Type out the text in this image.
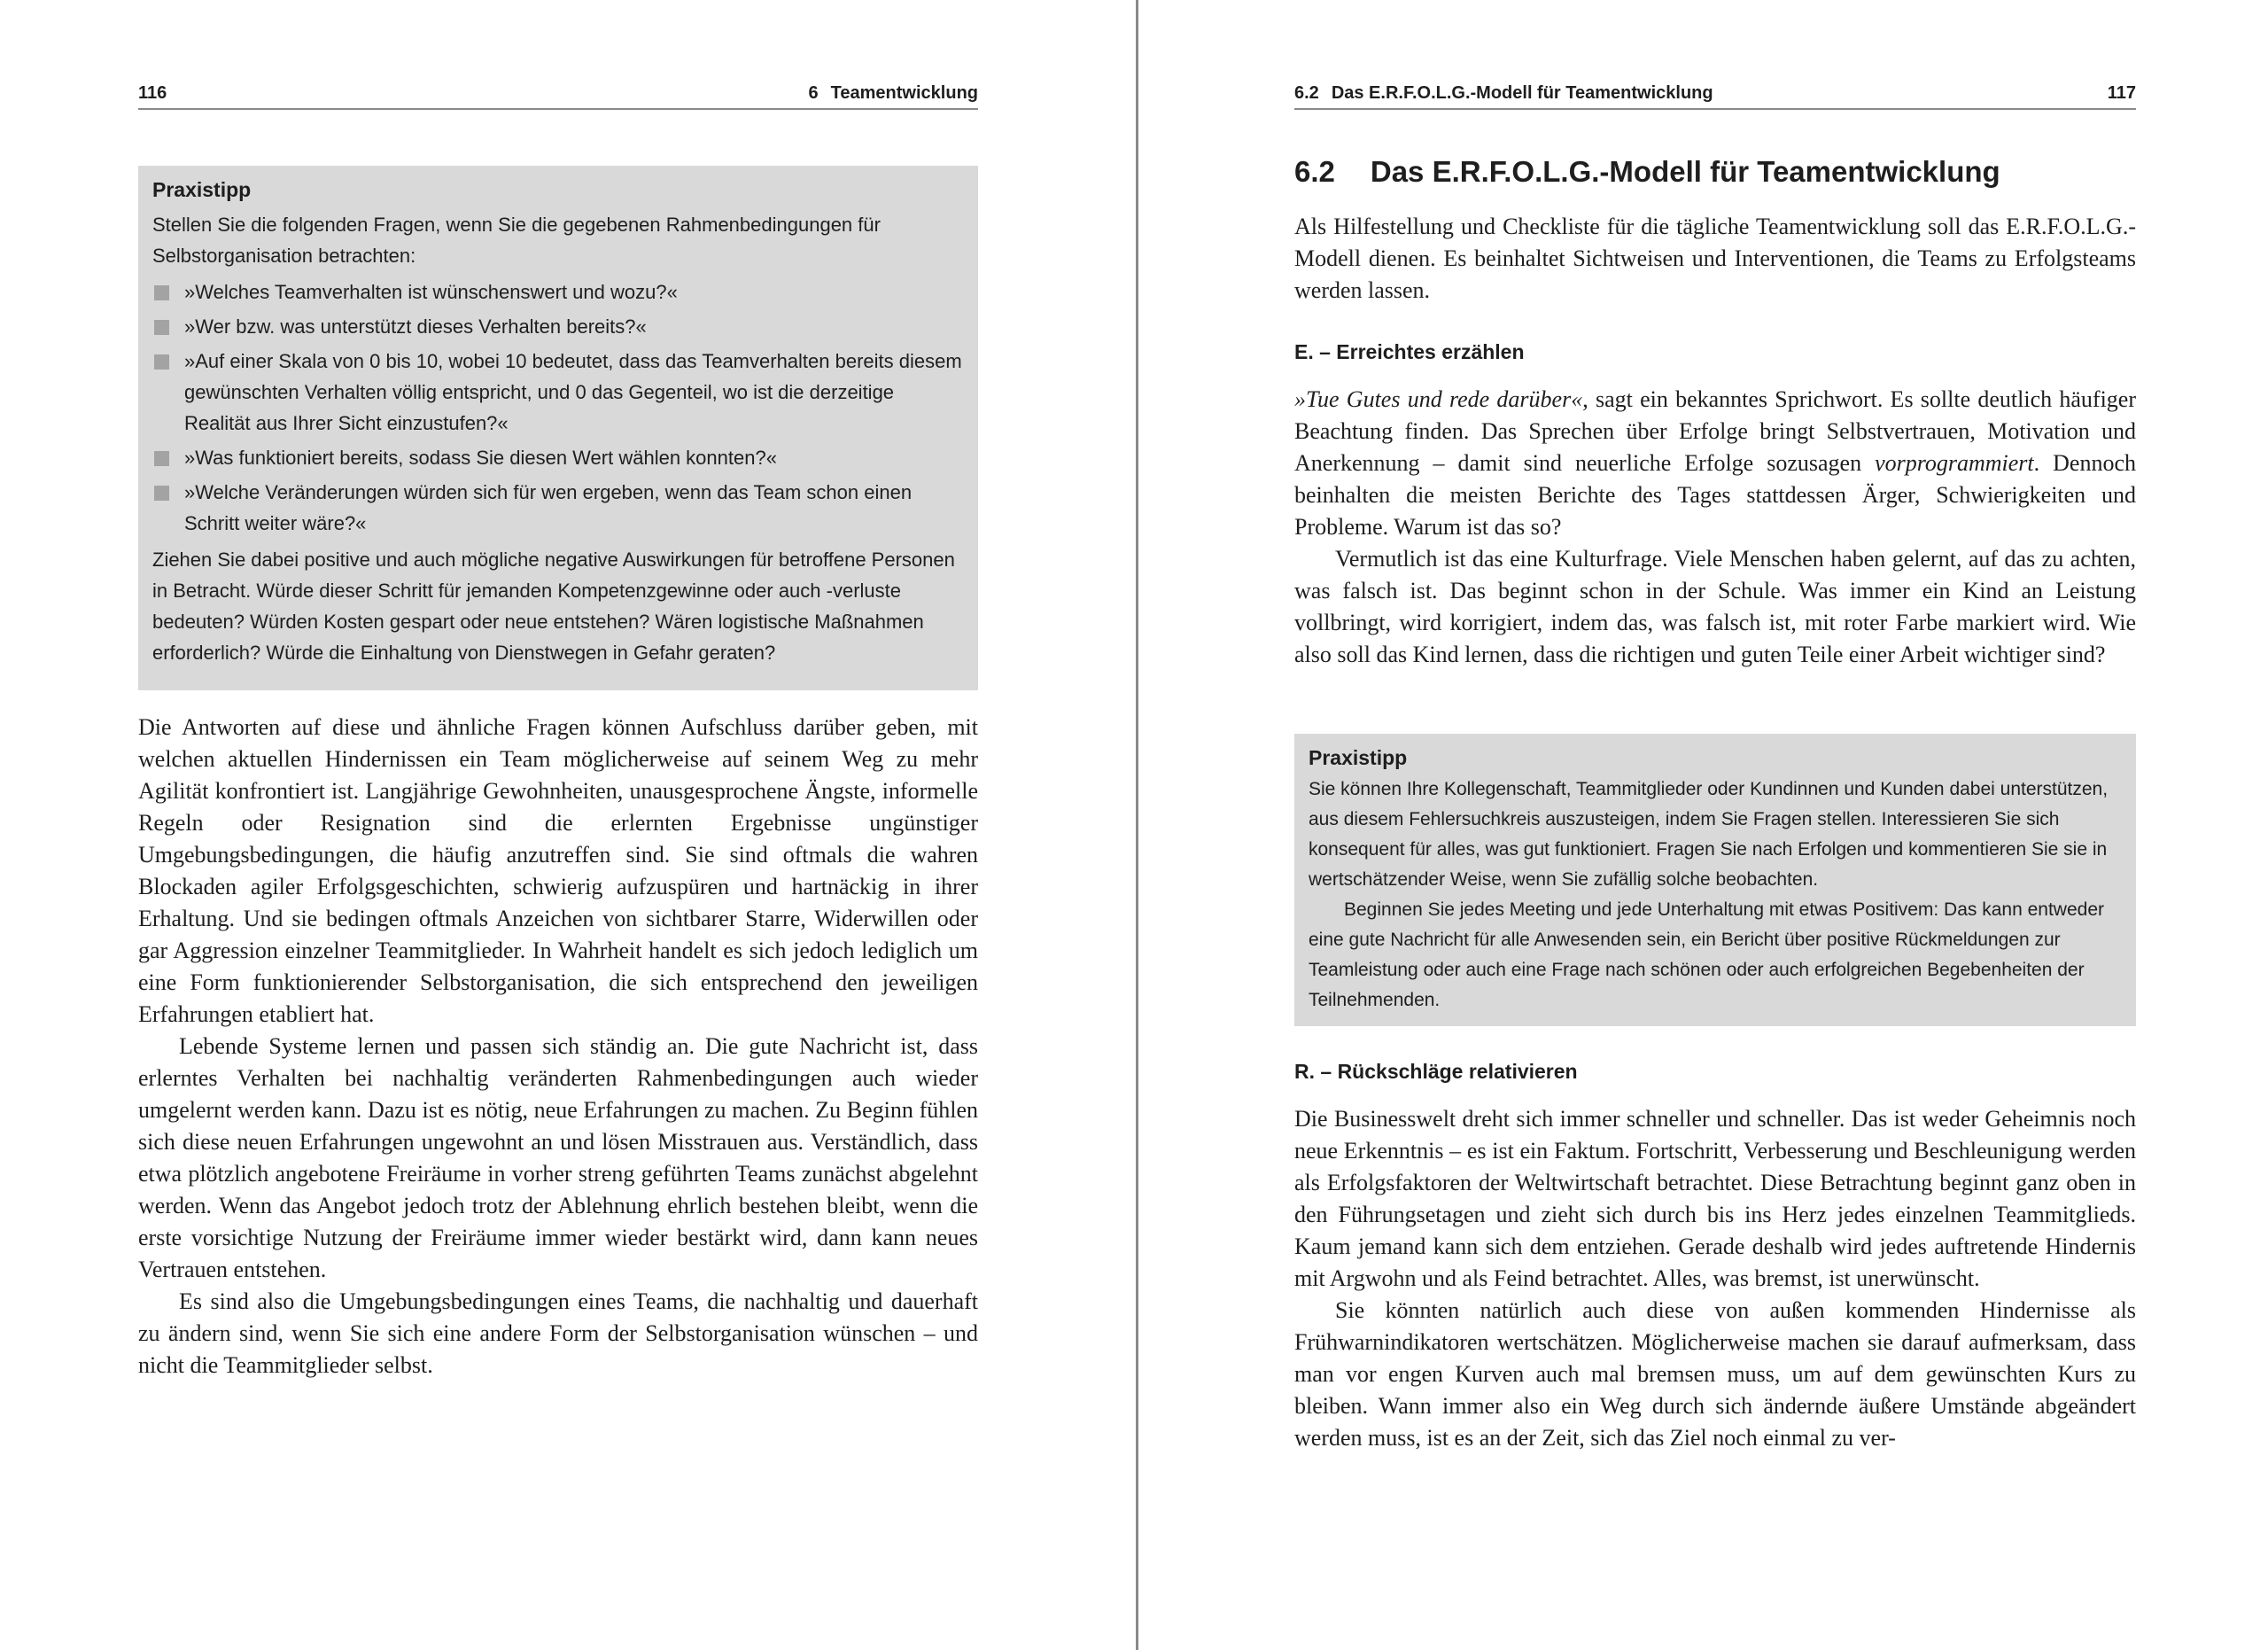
116	6 Teamentwicklung

Praxistipp

Stellen Sie die folgenden Fragen, wenn Sie die gegebenen Rahmenbedingungen für Selbstorganisation betrachten:

»Welches Teamverhalten ist wünschenswert und wozu?«
»Wer bzw. was unterstützt dieses Verhalten bereits?«
»Auf einer Skala von 0 bis 10, wobei 10 bedeutet, dass das Teamverhalten bereits diesem gewünschten Verhalten völlig entspricht, und 0 das Gegenteil, wo ist die derzeitige Realität aus Ihrer Sicht einzustufen?«
»Was funktioniert bereits, sodass Sie diesen Wert wählen konnten?«
»Welche Veränderungen würden sich für wen ergeben, wenn das Team schon einen Schritt weiter wäre?«

Ziehen Sie dabei positive und auch mögliche negative Auswirkungen für betroffene Personen in Betracht. Würde dieser Schritt für jemanden Kompetenzgewinne oder auch -verluste bedeuten? Würden Kosten gespart oder neue entstehen? Wären logistische Maßnahmen erforderlich? Würde die Einhaltung von Dienstwegen in Gefahr geraten?

Die Antworten auf diese und ähnliche Fragen können Aufschluss darüber geben, mit welchen aktuellen Hindernissen ein Team möglicherweise auf seinem Weg zu mehr Agilität konfrontiert ist. Langjährige Gewohnheiten, unausgesprochene Ängste, informelle Regeln oder Resignation sind die erlernten Ergebnisse ungünstiger Umgebungsbedingungen, die häufig anzutreffen sind. Sie sind oftmals die wahren Blockaden agiler Erfolgsgeschichten, schwierig aufzuspüren und hartnäckig in ihrer Erhaltung. Und sie bedingen oftmals Anzeichen von sichtbarer Starre, Widerwillen oder gar Aggression einzelner Teammitglieder. In Wahrheit handelt es sich jedoch lediglich um eine Form funktionierender Selbstorganisation, die sich entsprechend den jeweiligen Erfahrungen etabliert hat.

Lebende Systeme lernen und passen sich ständig an. Die gute Nachricht ist, dass erlerntes Verhalten bei nachhaltig veränderten Rahmenbedingungen auch wieder umgelernt werden kann. Dazu ist es nötig, neue Erfahrungen zu machen. Zu Beginn fühlen sich diese neuen Erfahrungen ungewohnt an und lösen Misstrauen aus. Verständlich, dass etwa plötzlich angebotene Freiräume in vorher streng geführten Teams zunächst abgelehnt werden. Wenn das Angebot jedoch trotz der Ablehnung ehrlich bestehen bleibt, wenn die erste vorsichtige Nutzung der Freiräume immer wieder bestärkt wird, dann kann neues Vertrauen entstehen.

Es sind also die Umgebungsbedingungen eines Teams, die nachhaltig und dauerhaft zu ändern sind, wenn Sie sich eine andere Form der Selbstorganisation wünschen – und nicht die Teammitglieder selbst.

6.2 Das E.R.F.O.L.G.-Modell für Teamentwicklung	117
6.2 Das E.R.F.O.L.G.-Modell für Teamentwicklung

Als Hilfestellung und Checkliste für die tägliche Teamentwicklung soll das E.R.F.O.L.G.-Modell dienen. Es beinhaltet Sichtweisen und Interventionen, die Teams zu Erfolgsteams werden lassen.

E. – Erreichtes erzählen

»Tue Gutes und rede darüber«, sagt ein bekanntes Sprichwort. Es sollte deutlich häufiger Beachtung finden. Das Sprechen über Erfolge bringt Selbstvertrauen, Motivation und Anerkennung – damit sind neuerliche Erfolge sozusagen vorprogrammiert. Dennoch beinhalten die meisten Berichte des Tages stattdessen Ärger, Schwierigkeiten und Probleme. Warum ist das so?

Vermutlich ist das eine Kulturfrage. Viele Menschen haben gelernt, auf das zu achten, was falsch ist. Das beginnt schon in der Schule. Was immer ein Kind an Leistung vollbringt, wird korrigiert, indem das, was falsch ist, mit roter Farbe markiert wird. Wie also soll das Kind lernen, dass die richtigen und guten Teile einer Arbeit wichtiger sind?

Praxistipp

Sie können Ihre Kollegenschaft, Teammitglieder oder Kundinnen und Kunden dabei unterstützen, aus diesem Fehlersuchkreis auszusteigen, indem Sie Fragen stellen. Interessieren Sie sich konsequent für alles, was gut funktioniert. Fragen Sie nach Erfolgen und kommentieren Sie sie in wertschätzender Weise, wenn Sie zufällig solche beobachten.

Beginnen Sie jedes Meeting und jede Unterhaltung mit etwas Positivem: Das kann entweder eine gute Nachricht für alle Anwesenden sein, ein Bericht über positive Rückmeldungen zur Teamleistung oder auch eine Frage nach schönen oder auch erfolgreichen Begebenheiten der Teilnehmenden.

R. – Rückschläge relativieren

Die Businesswelt dreht sich immer schneller und schneller. Das ist weder Geheimnis noch neue Erkenntnis – es ist ein Faktum. Fortschritt, Verbesserung und Beschleunigung werden als Erfolgsfaktoren der Weltwirtschaft betrachtet. Diese Betrachtung beginnt ganz oben in den Führungsetagen und zieht sich durch bis ins Herz jedes einzelnen Teammitglieds. Kaum jemand kann sich dem entziehen. Gerade deshalb wird jedes auftretende Hindernis mit Argwohn und als Feind betrachtet. Alles, was bremst, ist unerwünscht.

Sie könnten natürlich auch diese von außen kommenden Hindernisse als Frühwarnindikatoren wertschätzen. Möglicherweise machen sie darauf aufmerksam, dass man vor engen Kurven auch mal bremsen muss, um auf dem gewünschten Kurs zu bleiben. Wann immer also ein Weg durch sich ändernde äußere Umstände abgeändert werden muss, ist es an der Zeit, sich das Ziel noch einmal zu ver-
